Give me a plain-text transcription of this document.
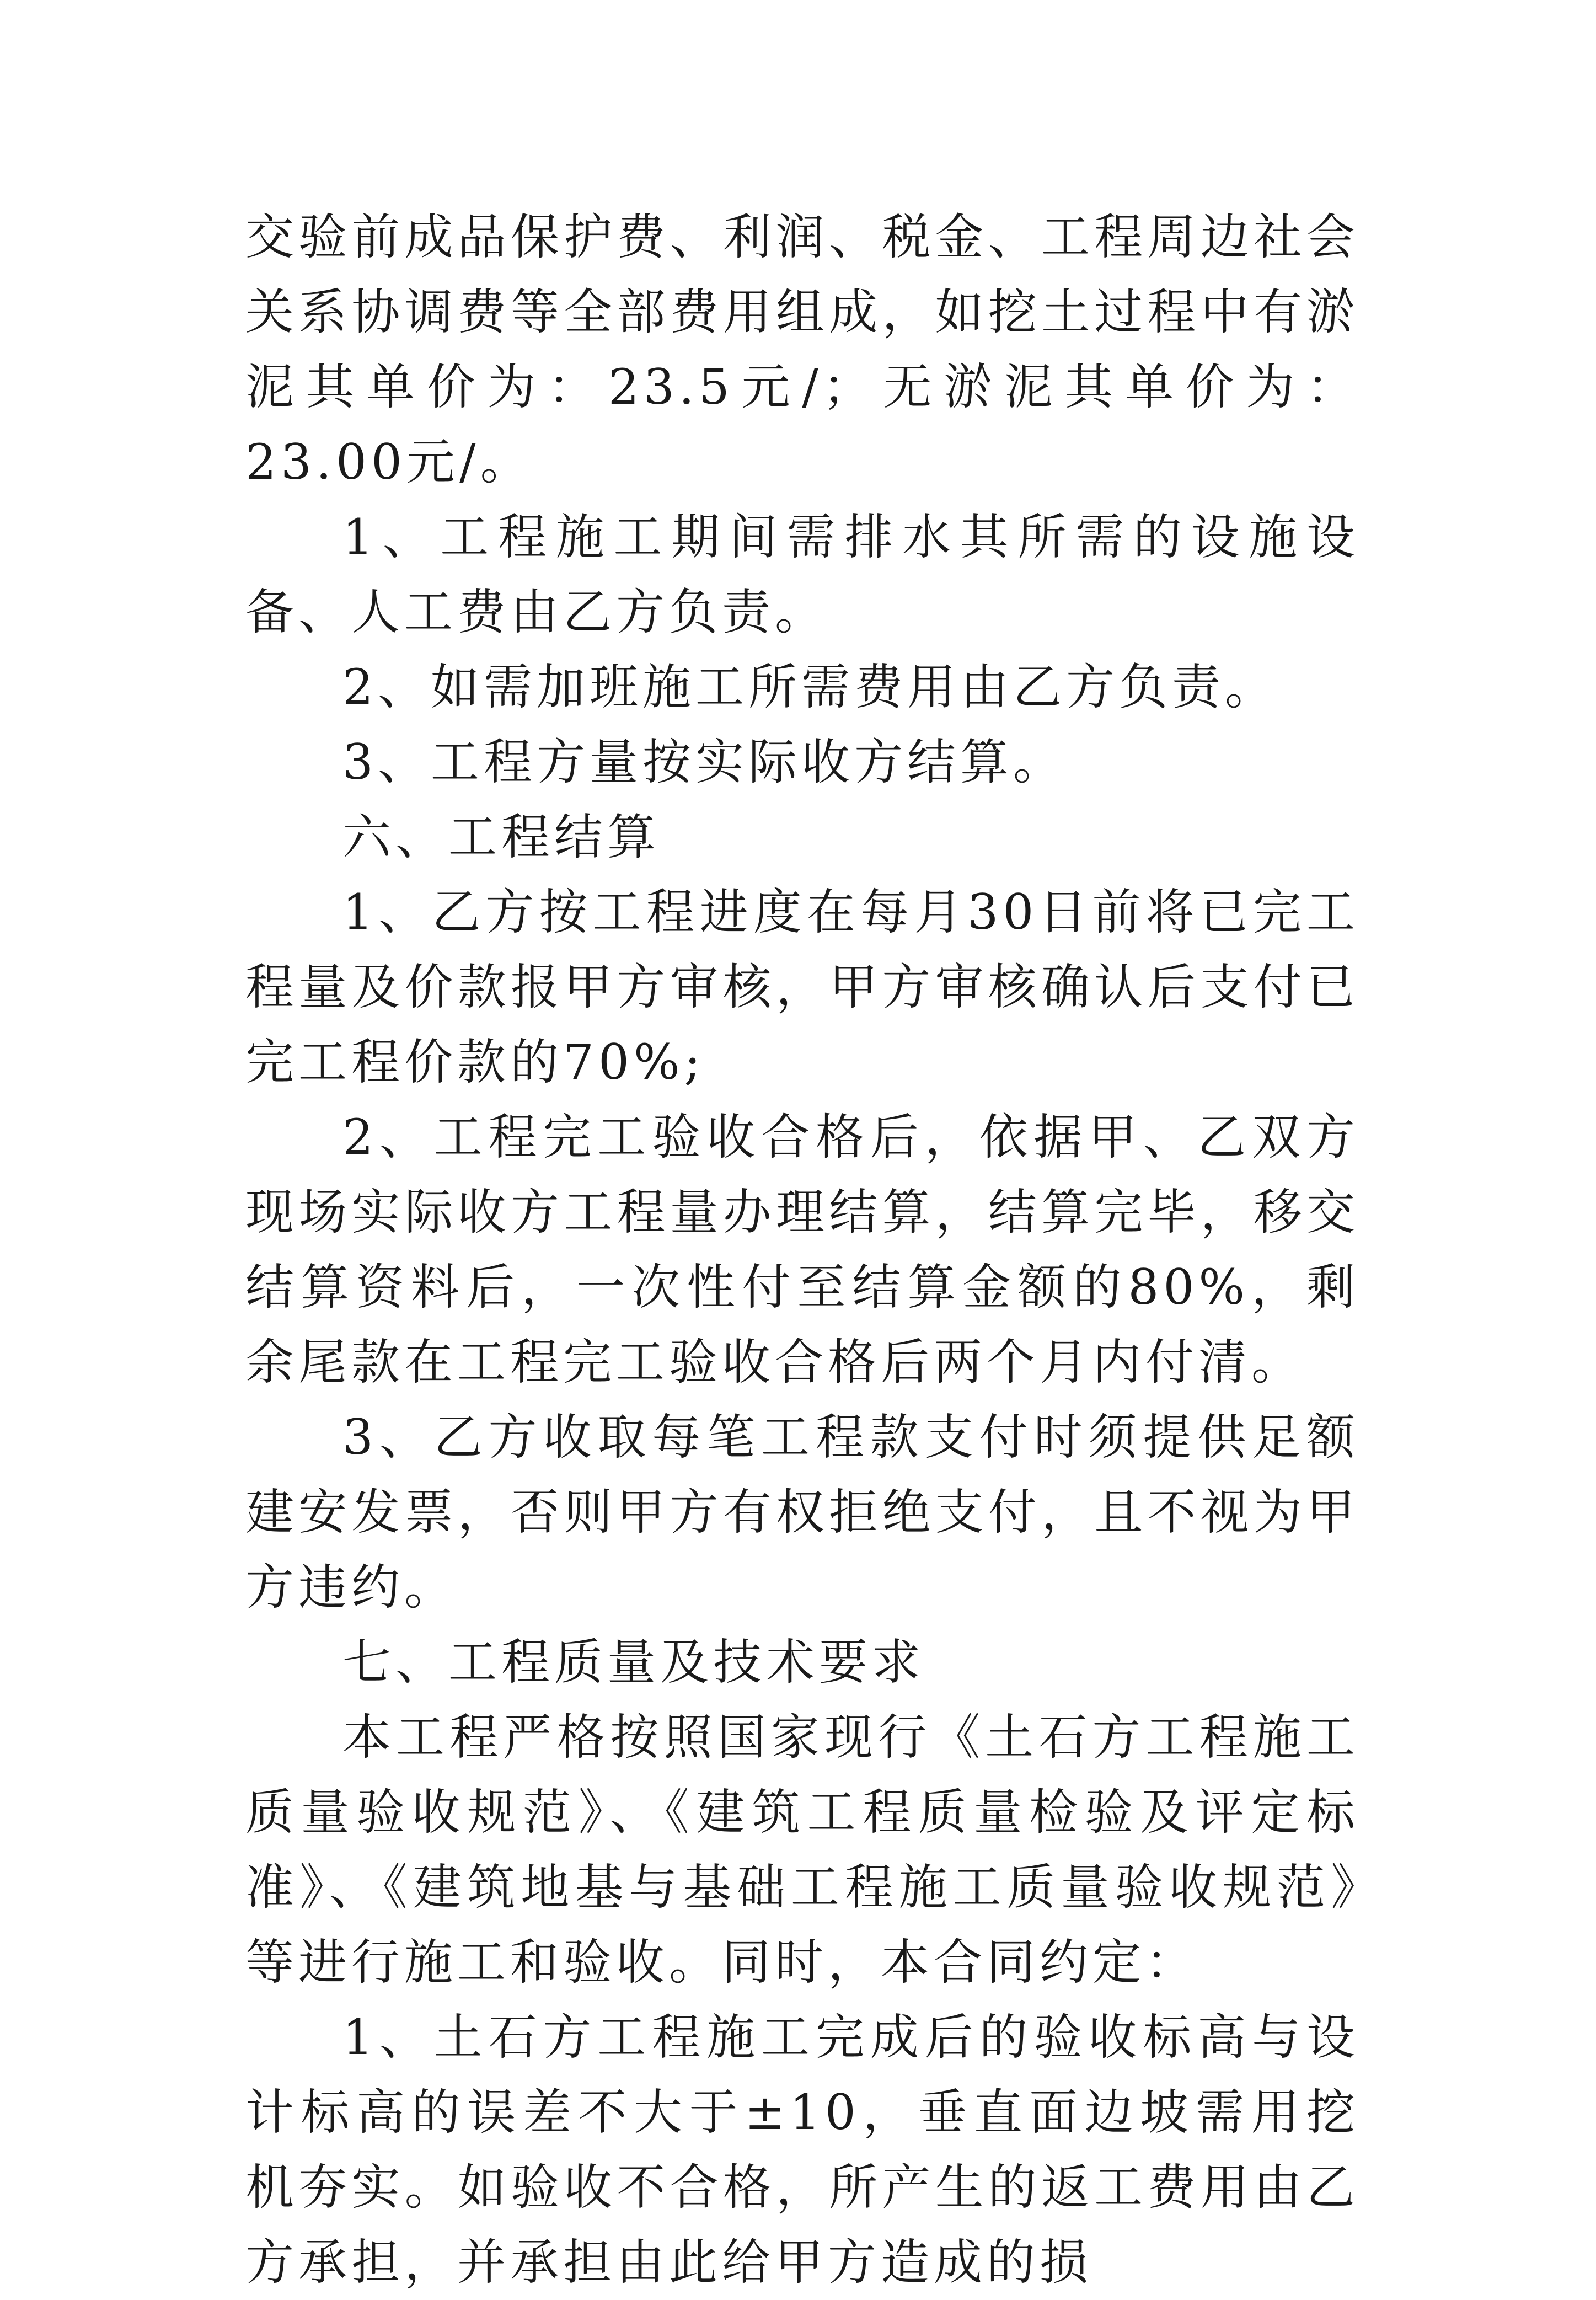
交验前成品保护费、利润、税金、工程周边社会关系协调费等全部费用组成，如挖土过程中有淤泥其单价为：23.5元/；无淤泥其单价为：23.00元/。

1、工程施工期间需排水其所需的设施设备、人工费由乙方负责。

2、如需加班施工所需费用由乙方负责。

3、工程方量按实际收方结算。

六、工程结算

1、乙方按工程进度在每月30日前将已完工程量及价款报甲方审核，甲方审核确认后支付已完工程价款的70%;

2、工程完工验收合格后，依据甲、乙双方现场实际收方工程量办理结算，结算完毕，移交结算资料后，一次性付至结算金额的80%，剩余尾款在工程完工验收合格后两个月内付清。

3、乙方收取每笔工程款支付时须提供足额建安发票，否则甲方有权拒绝支付，且不视为甲方违约。

七、工程质量及技术要求

本工程严格按照国家现行《土石方工程施工质量验收规范》、《建筑工程质量检验及评定标准》、《建筑地基与基础工程施工质量验收规范》等进行施工和验收。同时，本合同约定：

1、土石方工程施工完成后的验收标高与设计标高的误差不大于±10，垂直面边坡需用挖机夯实。如验收不合格，所产生的返工费用由乙方承担，并承担由此给甲方造成的损
